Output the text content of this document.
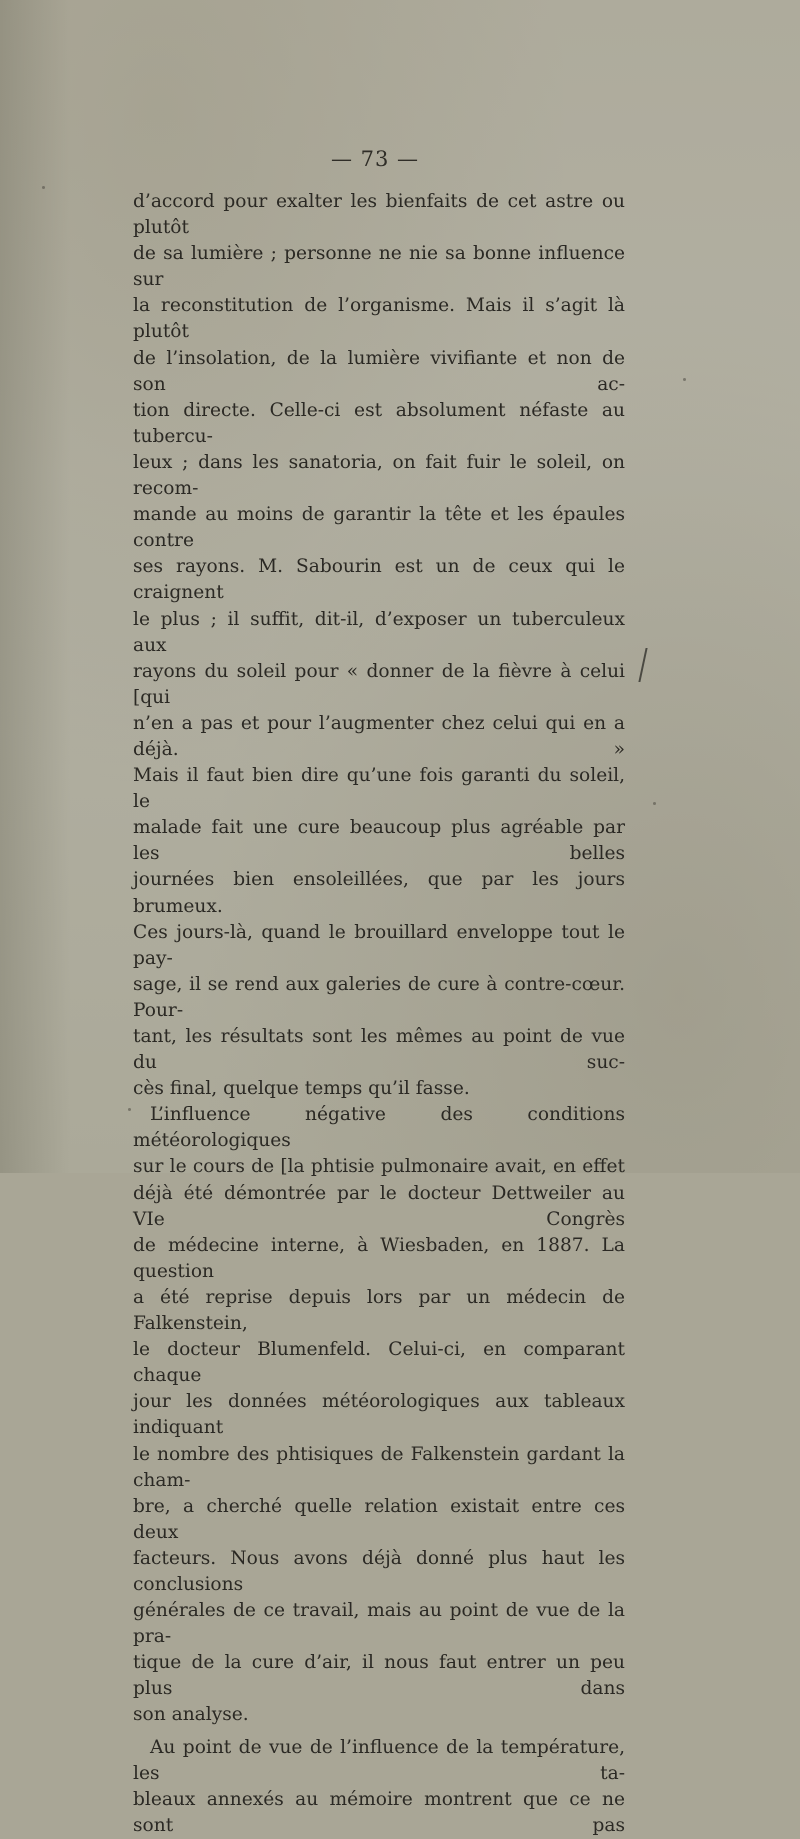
— 73 —

d’accord pour exalter les bienfaits de cet astre ou plutôt

de sa lumière ; personne ne nie sa bonne influence sur

la reconstitution de l’organisme. Mais il s’agit là plutôt

de l’insolation, de la lumière vivifiante et non de son ac-

tion directe. Celle-ci est absolument néfaste au tubercu-

leux ; dans les sanatoria, on fait fuir le soleil, on recom-

mande au moins de garantir la tête et les épaules contre

ses rayons. M. Sabourin est un de ceux qui le craignent

le plus ; il suffit, dit-il, d’exposer un tuberculeux aux

rayons du soleil pour « donner de la fièvre à celui [qui

n’en a pas et pour l’augmenter chez celui qui en a déjà. »

Mais il faut bien dire qu’une fois garanti du soleil, le

malade fait une cure beaucoup plus agréable par les belles

journées bien ensoleillées, que par les jours brumeux.

Ces jours-là, quand le brouillard enveloppe tout le pay-

sage, il se rend aux galeries de cure à contre-cœur. Pour-

tant, les résultats sont les mêmes au point de vue du suc-

cès final, quelque temps qu’il fasse.

L’influence négative des conditions météorologiques

sur le cours de [la phtisie pulmonaire avait, en effet

déjà été démontrée par le docteur Dettweiler au VIe Congrès

de médecine interne, à Wiesbaden, en 1887. La question

a été reprise depuis lors par un médecin de Falkenstein,

le docteur Blumenfeld. Celui-ci, en comparant chaque

jour les données météorologiques aux tableaux indiquant

le nombre des phtisiques de Falkenstein gardant la cham-

bre, a cherché quelle relation existait entre ces deux

facteurs. Nous avons déjà donné plus haut les conclusions

générales de ce travail, mais au point de vue de la pra-

tique de la cure d’air, il nous faut entrer un peu plus dans

son analyse.

Au point de vue de l’influence de la température, les ta-

bleaux annexés au mémoire montrent que ce ne sont pas
